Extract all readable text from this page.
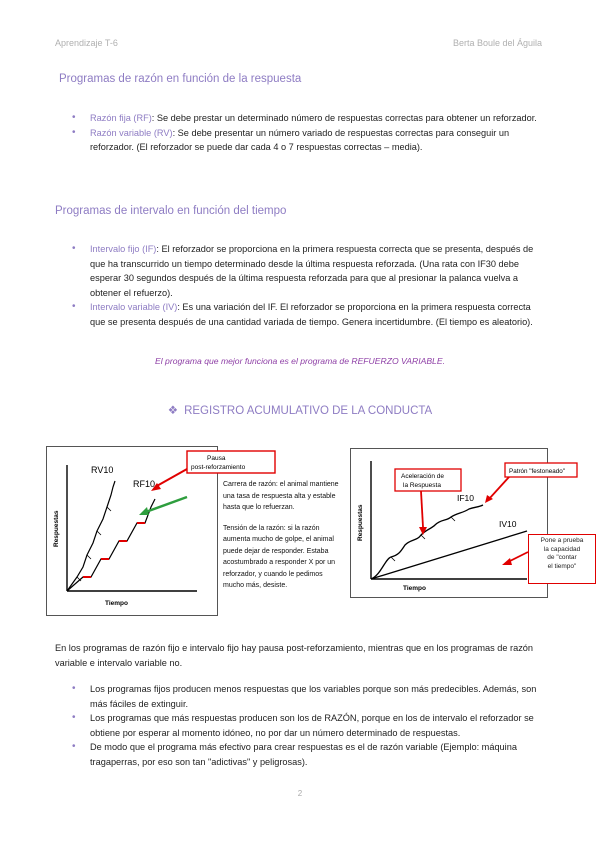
Aprendizaje T-6	Berta Boule del Águila
Programas de razón en función de la respuesta
• Razón fija (RF): Se debe prestar un determinado número de respuestas correctas para obtener un reforzador.
• Razón variable (RV): Se debe presentar un número variado de respuestas correctas para conseguir un reforzador. (El reforzador se puede dar cada 4 o 7 respuestas correctas – media).
Programas de intervalo en función del tiempo
• Intervalo fijo (IF): El reforzador se proporciona en la primera respuesta correcta que se presenta, después de que ha transcurrido un tiempo determinado desde la última respuesta reforzada. (Una rata con IF30 debe esperar 30 segundos después de la última respuesta reforzada para que al presionar la palanca vuelva a obtener el refuerzo).
• Intervalo variable (IV): Es una variación del IF. El reforzador se proporciona en la primera respuesta correcta que se presenta después de una cantidad variada de tiempo. Genera incertidumbre. (El tiempo es aleatorio).
El programa que mejor funciona es el programa de REFUERZO VARIABLE.
❖ REGISTRO ACUMULATIVO DE LA CONDUCTA
Respuestas
Tiempo
RV10
RF10
Pausa
post-reforzamiento

Carrera de razón: el animal mantiene una tasa de respuesta alta y estable hasta que lo refuerzan.

Tensión de la razón: si la razón aumenta mucho de golpe, el animal puede dejar de responder. Estaba acostumbrado a responder X por un reforzador, y cuando le pedimos mucho más, desiste.

Respuestas
Tiempo
IF10
IV10
Aceleración de
la Respuesta
Patrón "festoneado"
Pone a prueba
la capacidad
de "contar
el tiempo"
En los programas de razón fijo e intervalo fijo hay pausa post-reforzamiento, mientras que en los programas de razón variable e intervalo variable no.
• Los programas fijos producen menos respuestas que los variables porque son más predecibles. Además, son más fáciles de extinguir.
• Los programas que más respuestas producen son los de RAZÓN, porque en los de intervalo el reforzador se obtiene por esperar al momento idóneo, no por dar un número determinado de respuestas.
• De modo que el programa más efectivo para crear respuestas es el de razón variable (Ejemplo: máquina tragaperras, por eso son tan "adictivas" y peligrosas).
2
